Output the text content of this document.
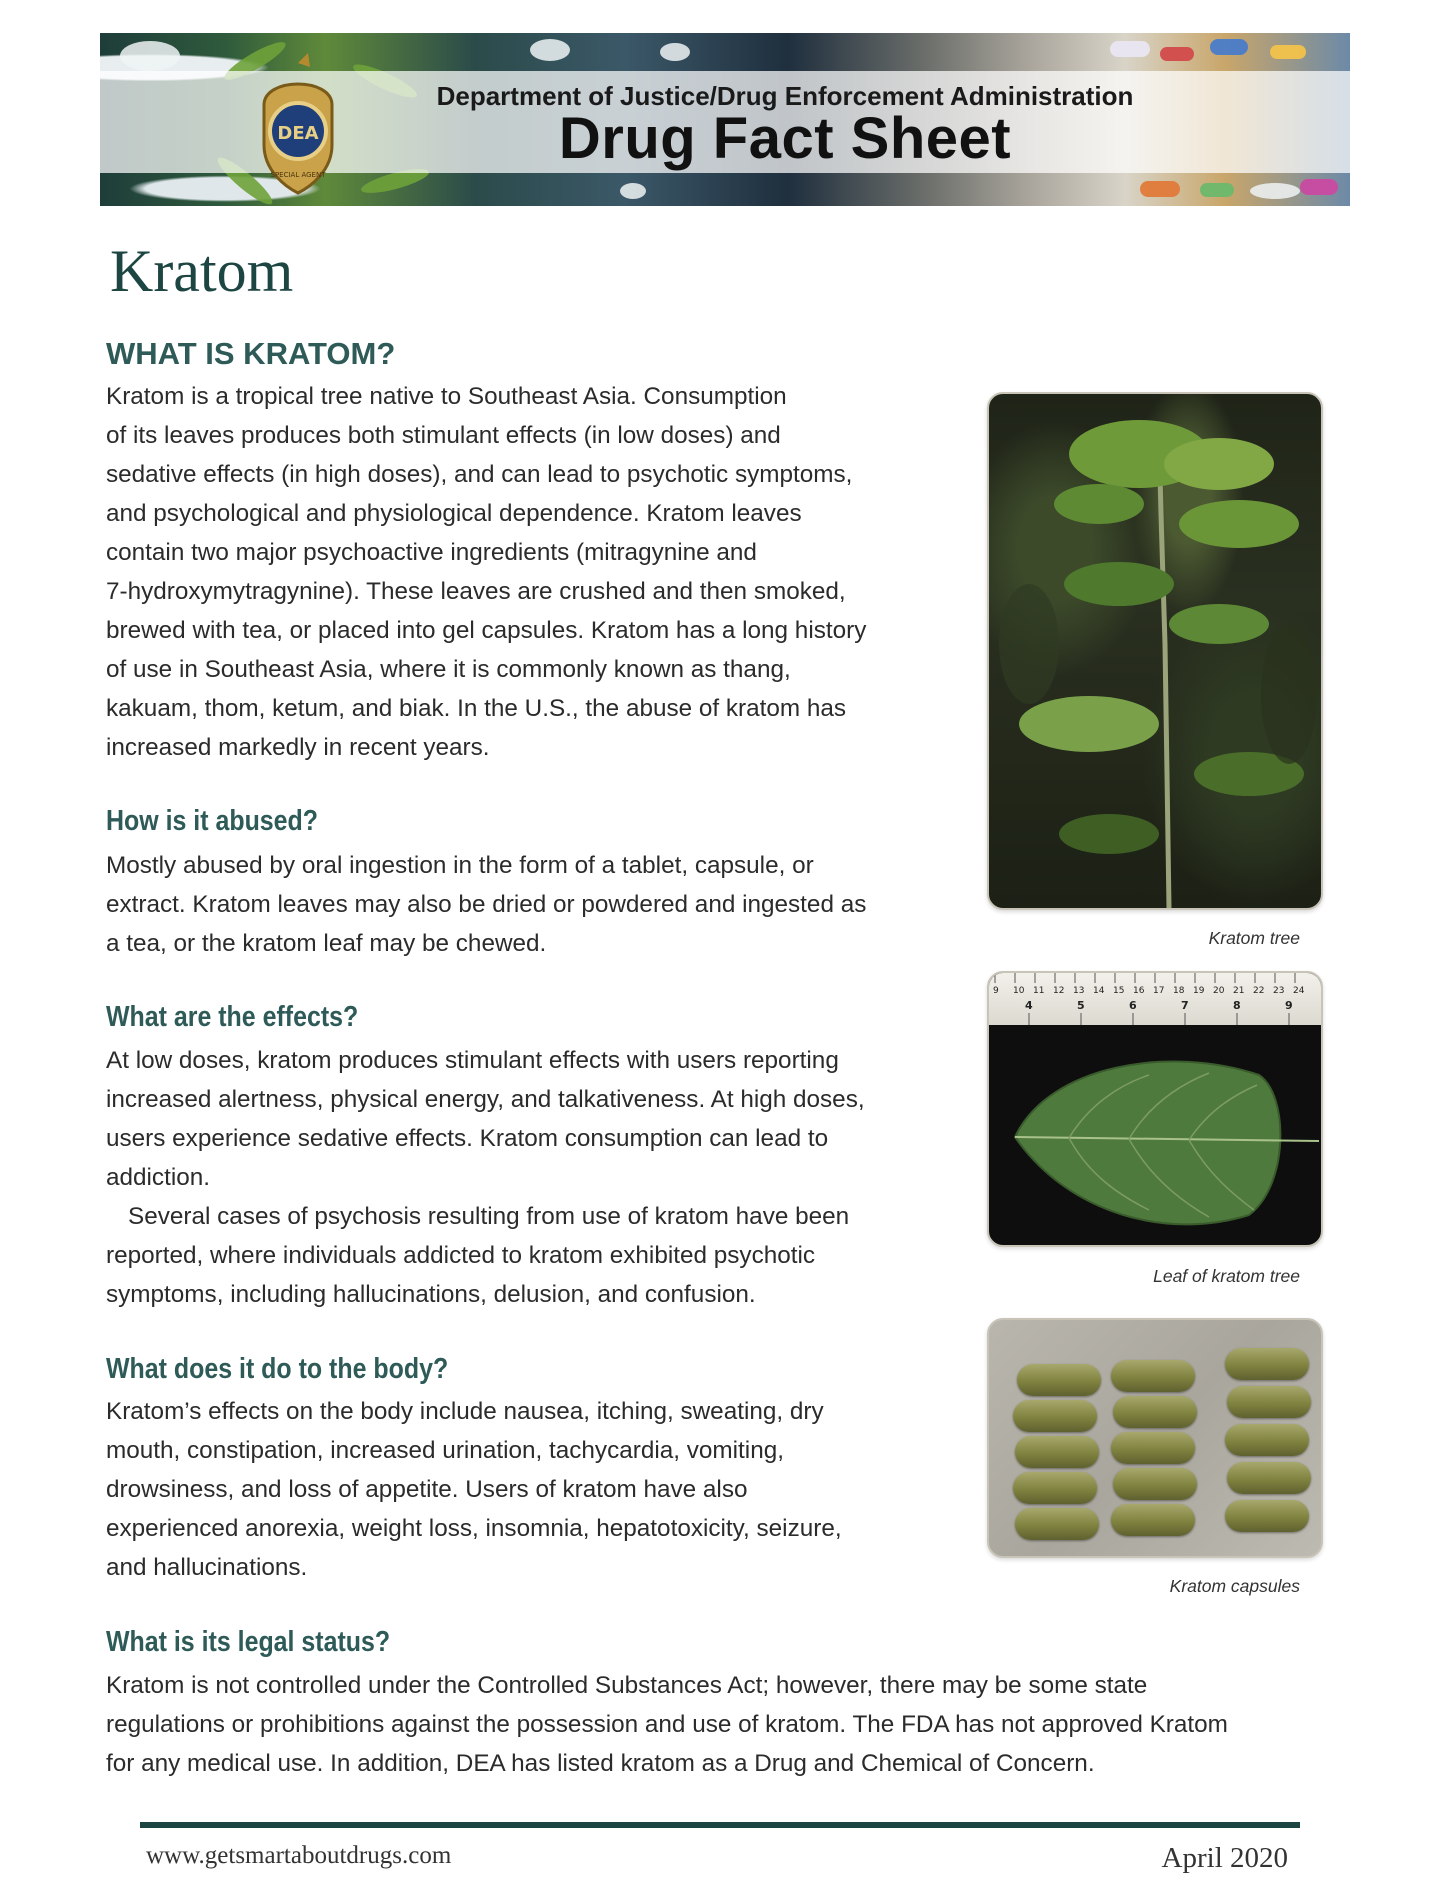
DEA
SPECIAL AGENT
Department of Justice/Drug Enforcement Administration
Drug Fact Sheet
Kratom
WHAT IS KRATOM?

Kratom is a tropical tree native to Southeast Asia. Consumption
of its leaves produces both stimulant effects (in low doses) and
sedative effects (in high doses), and can lead to psychotic symptoms,
and psychological and physiological dependence. Kratom leaves
contain two major psychoactive ingredients (mitragynine and
7-hydroxymytragynine). These leaves are crushed and then smoked,
brewed with tea, or placed into gel capsules. Kratom has a long history
of use in Southeast Asia, where it is commonly known as thang,
kakuam, thom, ketum, and biak. In the U.S., the abuse of kratom has
increased markedly in recent years.

How is it abused?

Mostly abused by oral ingestion in the form of a tablet, capsule, or
extract. Kratom leaves may also be dried or powdered and ingested as
a tea, or the kratom leaf may be chewed.

What are the effects?

At low doses, kratom produces stimulant effects with users reporting
increased alertness, physical energy, and talkativeness. At high doses,
users experience sedative effects. Kratom consumption can lead to
addiction.
Several cases of psychosis resulting from use of kratom have been
reported, where individuals addicted to kratom exhibited psychotic
symptoms, including hallucinations, delusion, and confusion.

What does it do to the body?

Kratom’s effects on the body include nausea, itching, sweating, dry
mouth, constipation, increased urination, tachycardia, vomiting,
drowsiness, and loss of appetite. Users of kratom have also
experienced anorexia, weight loss, insomnia, hepatotoxicity, seizure,
and hallucinations.

What is its legal status?

Kratom is not controlled under the Controlled Substances Act; however, there may be some state
regulations or prohibitions against the possession and use of kratom. The FDA has not approved Kratom
for any medical use. In addition, DEA has listed kratom as a Drug and Chemical of Concern.

Kratom tree
9 10 11 12 13 14 15 16 17 18 19 20 21 22 23 24
4	5	6	7	8	9
Leaf of kratom tree
Kratom capsules
www.getsmartaboutdrugs.com	April 2020
